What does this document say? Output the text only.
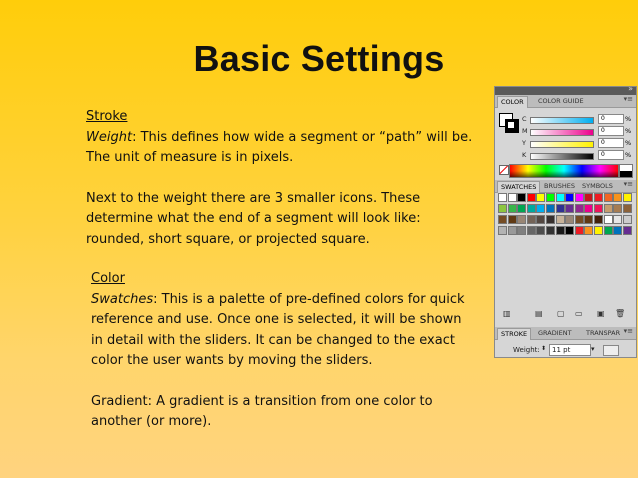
Basic Settings

Stroke

Weight: This defines how wide a segment or “path” will be.

The unit of measure is in pixels.

Next to the weight there are 3 smaller icons. These

determine what the end of a segment will look like:

rounded, short square, or projected square.

Color

Swatches: This is a palette of pre-defined colors for quick

reference and use. Once one is selected, it will be shown

in detail with the sliders. It can be changed to the exact

color the user wants by moving the sliders.

Gradient: A gradient is a transition from one color to

another (or more).

»
COLOR	COLOR GUIDE	▾≡
C	0	%
M	0	%
Y	0	%
K	0	%
SWATCHES	BRUSHES	SYMBOLS	▾≡
▥	▤ ▢ ▭ ▣ 🗑
STROKE	GRADIENT	TRANSPAR ▾≡
Weight: ⬍ 11 pt	▾
